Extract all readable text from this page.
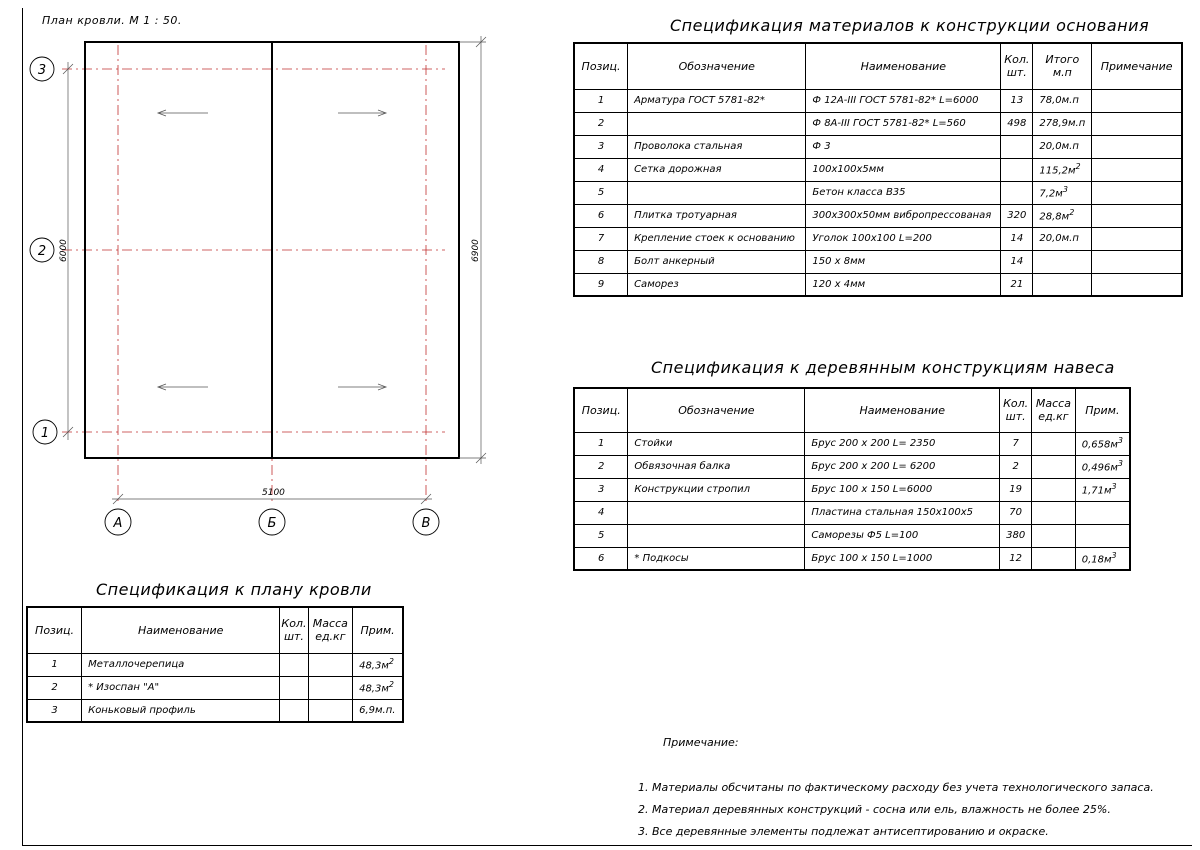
План кровли. М 1 : 50.
6000	6900
5100
3
2
1
А	Б	В
Спецификация материалов к конструкции основания
Позиц.	Обозначение	Наименование	Кол. шт.	Итого м.п	Примечание
1	Арматура ГОСТ 5781-82*	Ф 12А-III ГОСТ 5781-82* L=6000	13	78,0м.п	
2		Ф 8А-III ГОСТ 5781-82* L=560	498	278,9м.п	
3	Проволока стальная	Ф 3		20,0м.п	
4	Сетка дорожная	100х100х5мм		$115,2м^2$	
5		Бетон класса В35		$7,2м^3$	
6	Плитка тротуарная	300х300х50мм вибропрессованая	320	$28,8м^2$	
7	Крепление стоек к основанию	Уголок 100х100 L=200	14	20,0м.п	
8	Болт анкерный	150 х 8мм	14		
9	Саморез	120 х 4мм	21		
Спецификация к деревянным конструкциям навеса
Позиц.	Обозначение	Наименование	Кол. шт.	Масса ед.кг	Прим.
1	Стойки	Брус 200 х 200 L= 2350	7		$0,658м^3$
2	Обвязочная балка	Брус 200 х 200 L= 6200	2		$0,496м^3$
3	Конструкции стропил	Брус 100 х 150 L=6000	19		$1,71м^3$
4		Пластина стальная 150х100х5	70		
5		Саморезы Ф5 L=100	380		
6	* Подкосы	Брус 100 х 150 L=1000	12		$0,18м^3$
Спецификация к плану кровли
Позиц.	Наименование	Кол. шт.	Масса ед.кг	Прим.
1	Металлочерепица			$48,3м^2$
2	* Изоспан "А"			$48,3м^2$
3	Коньковый профиль			6,9м.п.
Примечание:
1. Материалы обсчитаны по фактическому расходу без учета технологического запаса.
2. Материал деревянных конструкций - сосна или ель, влажность не более 25%.
3. Все деревянные элементы подлежат антисептированию и окраске.
